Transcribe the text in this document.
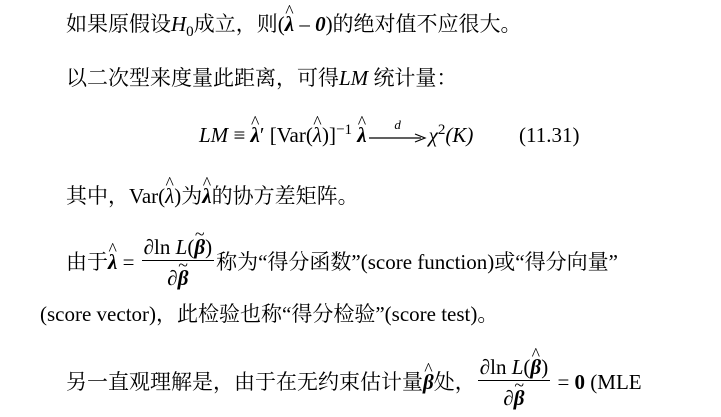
如果原假设$H_0$成立，则(^ λ – 0)的绝对值不应很大。
以二次型来度量此距离，可得LM 统计量：
LM ≡ ^ λ′ [Var(^ λ)]$^{-1}$ ^ λ	d	$\chi^2(K)$ (11.31)
其中，Var(^ λ)为^ λ的协方差矩阵。
由于^ $\lambda = \frac{\text{∂ln L(\textasciitilde{} β)}}{\partial\sim \beta}$ 称为“得分函数”(score function)或“得分向量”
(score vector)，此检验也称“得分检验”(score test)。
另一直观理解是，由于在无约束估计量^ β处， $\frac{\text{∂ln L(\textasciicircum{} β)}}{\partial\sim \beta} = 0$ (MLE
